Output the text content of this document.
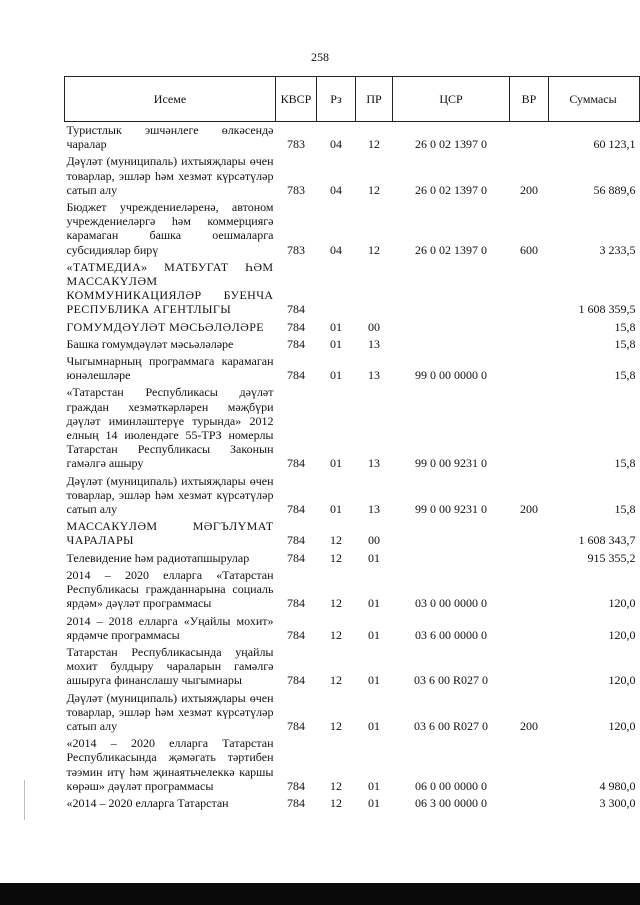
258
Исеме	КВСР	Рз	ПР	ЦСР	ВР	Суммасы
Туристлык эшчәнлеге өлкәсендә чаралар	783	04	12	26 0 02 1397 0		60 123,1
Дәүләт (муниципаль) ихтыяҗлары өчен товарлар, эшләр һәм хезмәт күрсәтүләр сатып алу	783	04	12	26 0 02 1397 0	200	56 889,6
Бюджет учреждениеләренә, автоном учреждениеләргә һәм коммерциягә карамаган башка оешмаларга субсидияләр бирү	783	04	12	26 0 02 1397 0	600	3 233,5
«ТАТМЕДИА» МАТБУГАТ ҺӘМ МАССАКҮЛӘМ КОММУНИКАЦИЯЛӘР БУЕНЧА РЕСПУБЛИКА АГЕНТЛЫГЫ	784					1 608 359,5
ГОМУМДӘҮЛӘТ МӘСЬӘЛӘЛӘРЕ	784	01	00			15,8
Башка гомумдәүләт мәсьәләләре	784	01	13			15,8
Чыгымнарның программага карамаган юнәлешләре	784	01	13	99 0 00 0000 0		15,8
«Татарстан Республикасы дәүләт граждан хезмәткәрләрен мәҗбүри дәүләт иминләштерүе турында» 2012 елның 14 июлендәге 55-ТРЗ номерлы Татарстан Республикасы Законын гамәлгә ашыру	784	01	13	99 0 00 9231 0		15,8
Дәүләт (муниципаль) ихтыяҗлары өчен товарлар, эшләр һәм хезмәт күрсәтүләр сатып алу	784	01	13	99 0 00 9231 0	200	15,8
МАССАКҮЛӘМ МӘГЪЛҮМАТ ЧАРАЛАРЫ	784	12	00			1 608 343,7
Телевидение һәм радиотапшырулар	784	12	01			915 355,2
2014 – 2020 елларга «Татарстан Республикасы гражданнарына социаль ярдәм» дәүләт программасы	784	12	01	03 0 00 0000 0		120,0
2014 – 2018 елларга «Уңайлы мохит» ярдәмче программасы	784	12	01	03 6 00 0000 0		120,0
Татарстан Республикасында уңайлы мохит булдыру чараларын гамәлгә ашыруга финанслашу чыгымнары	784	12	01	03 6 00 R027 0		120,0
Дәүләт (муниципаль) ихтыяҗлары өчен товарлар, эшләр һәм хезмәт күрсәтүләр сатып алу	784	12	01	03 6 00 R027 0	200	120,0
«2014 – 2020 елларга Татарстан Республикасында җәмәгать тәртибен тәэмин итү һәм җинаятьчелеккә каршы көрәш» дәүләт программасы	784	12	01	06 0 00 0000 0		4 980,0
«2014 – 2020 елларга Татарстан	784	12	01	06 3 00 0000 0		3 300,0
